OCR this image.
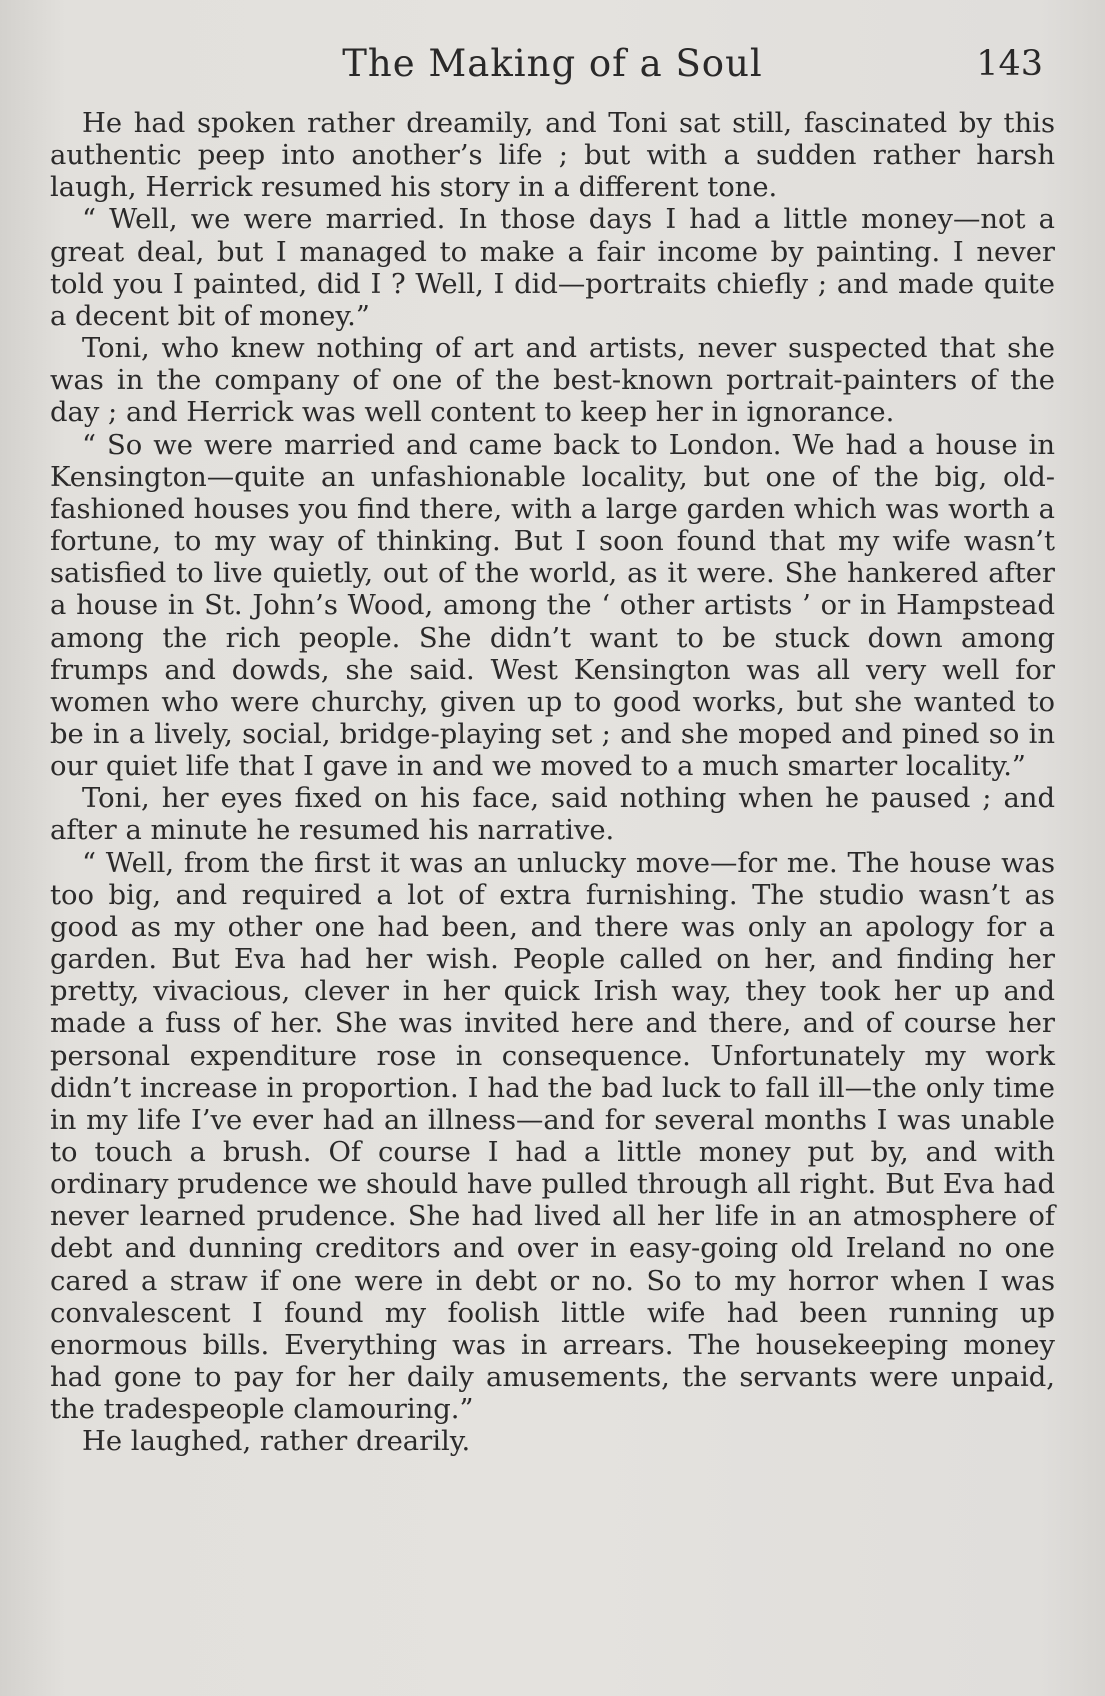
The Making of a Soul	143

He had spoken rather dreamily, and Toni sat still, fascinated by this authentic peep into another’s life ; but with a sudden rather harsh laugh, Herrick resumed his story in a different tone.

“ Well, we were married. In those days I had a little money—not a great deal, but I managed to make a fair income by painting. I never told you I painted, did I ? Well, I did—portraits chiefly ; and made quite a decent bit of money.”

Toni, who knew nothing of art and artists, never suspected that she was in the company of one of the best-known portrait-painters of the day ; and Herrick was well content to keep her in ignorance.

“ So we were married and came back to London. We had a house in Kensington—quite an unfashionable locality, but one of the big, old-fashioned houses you find there, with a large garden which was worth a fortune, to my way of thinking. But I soon found that my wife wasn’t satisfied to live quietly, out of the world, as it were. She hankered after a house in St. John’s Wood, among the ‘ other artists ’ or in Hampstead among the rich people. She didn’t want to be stuck down among frumps and dowds, she said. West Kensington was all very well for women who were churchy, given up to good works, but she wanted to be in a lively, social, bridge-playing set ; and she moped and pined so in our quiet life that I gave in and we moved to a much smarter locality.”

Toni, her eyes fixed on his face, said nothing when he paused ; and after a minute he resumed his narrative.

“ Well, from the first it was an unlucky move—for me. The house was too big, and required a lot of extra furnishing. The studio wasn’t as good as my other one had been, and there was only an apology for a garden. But Eva had her wish. People called on her, and finding her pretty, vivacious, clever in her quick Irish way, they took her up and made a fuss of her. She was invited here and there, and of course her personal expenditure rose in consequence. Unfortunately my work didn’t increase in proportion. I had the bad luck to fall ill—the only time in my life I’ve ever had an illness—and for several months I was unable to touch a brush. Of course I had a little money put by, and with ordinary prudence we should have pulled through all right. But Eva had never learned prudence. She had lived all her life in an atmosphere of debt and dunning creditors and over in easy-going old Ireland no one cared a straw if one were in debt or no. So to my horror when I was convalescent I found my foolish little wife had been running up enormous bills. Everything was in arrears. The housekeeping money had gone to pay for her daily amusements, the servants were unpaid, the tradespeople clamouring.”

He laughed, rather drearily.
